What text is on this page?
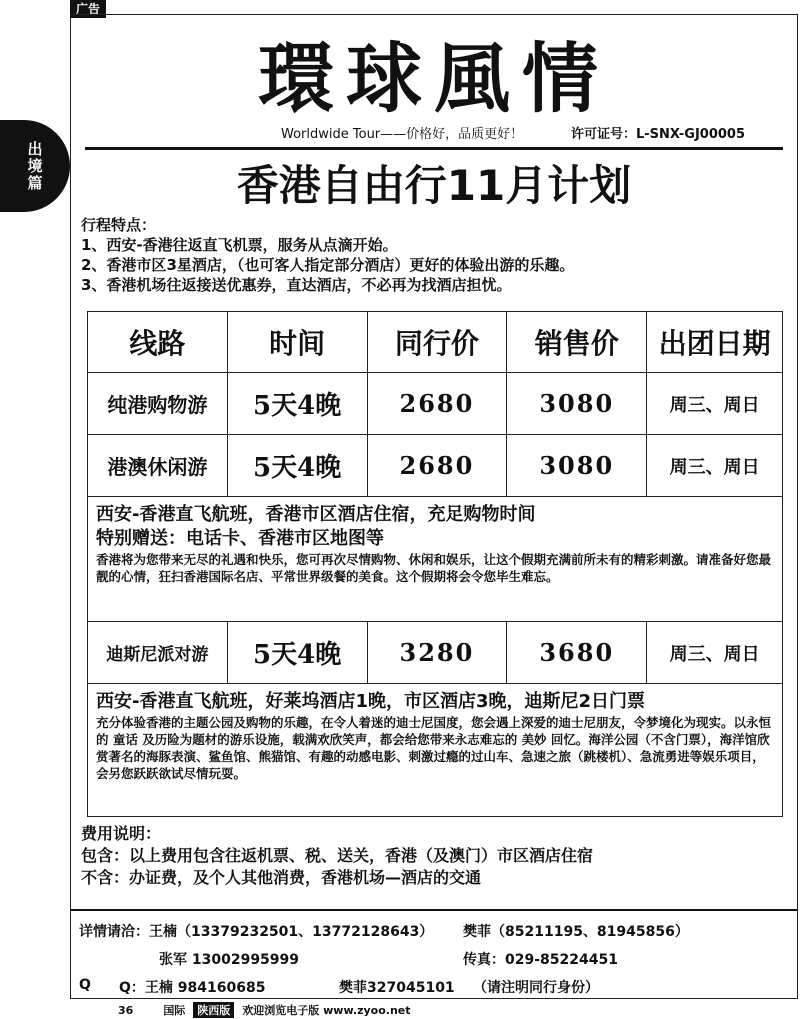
广告
出
境
篇
環球風情
Worldwide Tour——价格好，品质更好！	许可证号：L-SNX-GJ00005
香港自由行11月计划
行程特点：
1、西安-香港往返直飞机票，服务从点滴开始。
2、香港市区3星酒店，（也可客人指定部分酒店）更好的体验出游的乐趣。
3、香港机场往返接送优惠券，直达酒店，不必再为找酒店担忧。
线路	时间	同行价	销售价	出团日期
纯港购物游	5天4晚	2680	3080	周三、周日
港澳休闲游	5天4晚	2680	3080	周三、周日

西安-香港直飞航班，香港市区酒店住宿，充足购物时间
特别赠送：电话卡、香港市区地图等
香港将为您带来无尽的礼遇和快乐，您可再次尽情购物、休闲和娱乐，让这个假期充满前所未有的精彩刺激。请准备好您最靓的心情，狂扫香港国际名店、平常世界级餐的美食。这个假期将会令您毕生难忘。				

迪斯尼派对游	5天4晚	3280	3680	周三、周日

西安-香港直飞航班，好莱坞酒店1晚，市区酒店3晚，迪斯尼2日门票
充分体验香港的主题公园及购物的乐趣，在令人着迷的迪士尼国度，您会遇上深爱的迪士尼朋友，令梦境化为现实。以永恒的 童话 及历险为题材的游乐设施，载满欢欣笑声，都会给您带来永志难忘的 美妙 回忆。海洋公园（不含门票），海洋馆欣赏著名的海豚表演、鲨鱼馆、熊猫馆、有趣的动感电影、刺激过瘾的过山车、急速之旅（跳楼机）、急流勇进等娱乐项目，会另您跃跃欲试尽情玩耍。				
费用说明：
包含：以上费用包含往返机票、税、送关，香港（及澳门）市区酒店住宿
不含：办证费，及个人其他消费，香港机场—酒店的交通
详情请洽：王楠（13379232501、13772128643） 樊菲（85211195、81945856）
张军 13002995999	传真：029-85224451
Q Q：王楠 984160685	樊菲327045101 （请注明同行身份）
36	国际	陕西版	欢迎浏览电子版 www.zyoo.net
